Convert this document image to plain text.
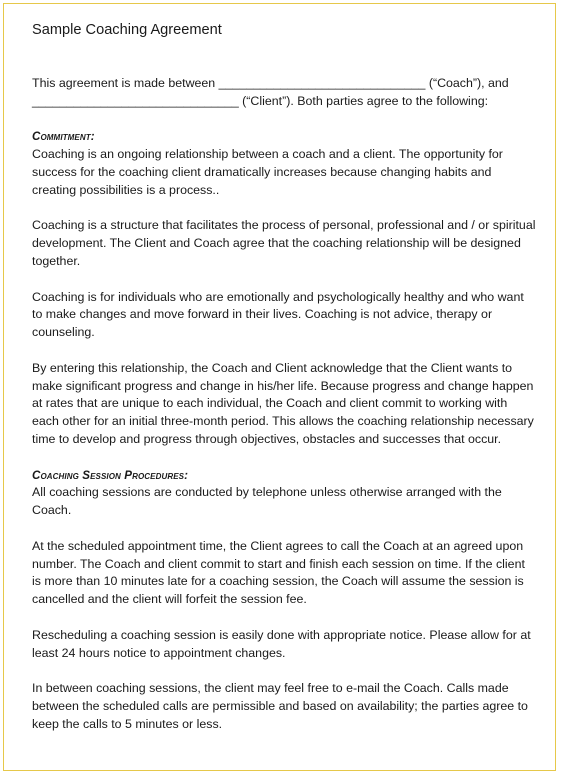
Sample Coaching Agreement

This agreement is made between ______________________________ (“Coach”), and ______________________________ (“Client”). Both parties agree to the following:

Commitment:

Coaching is an ongoing relationship between a coach and a client. The opportunity for success for the coaching client dramatically increases because changing habits and creating possibilities is a process..

Coaching is a structure that facilitates the process of personal, professional and / or spiritual development. The Client and Coach agree that the coaching relationship will be designed together.

Coaching is for individuals who are emotionally and psychologically healthy and who want to make changes and move forward in their lives. Coaching is not advice, therapy or counseling.

By entering this relationship, the Coach and Client acknowledge that the Client wants to make significant progress and change in his/her life. Because progress and change happen at rates that are unique to each individual, the Coach and client commit to working with each other for an initial three-month period. This allows the coaching relationship necessary time to develop and progress through objectives, obstacles and successes that occur.

Coaching Session Procedures:

All coaching sessions are conducted by telephone unless otherwise arranged with the Coach.

At the scheduled appointment time, the Client agrees to call the Coach at an agreed upon number. The Coach and client commit to start and finish each session on time. If the client is more than 10 minutes late for a coaching session, the Coach will assume the session is cancelled and the client will forfeit the session fee.

Rescheduling a coaching session is easily done with appropriate notice. Please allow for at least 24 hours notice to appointment changes.

In between coaching sessions, the client may feel free to e-mail the Coach. Calls made between the scheduled calls are permissible and based on availability; the parties agree to keep the calls to 5 minutes or less.
